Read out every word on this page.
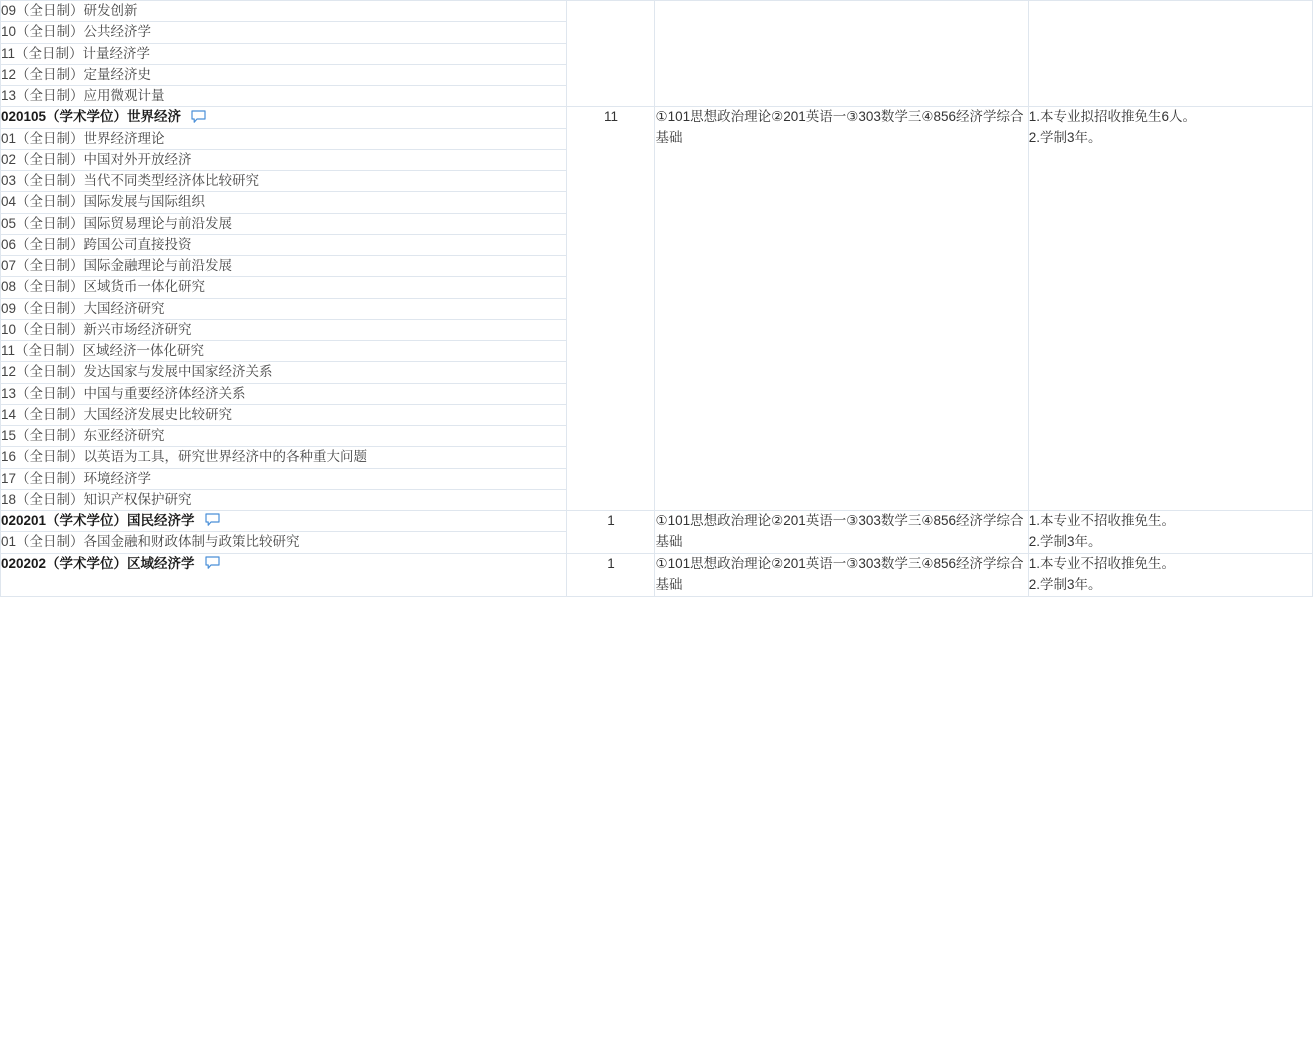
09（全日制）研发创新			
10（全日制）公共经济学			
11（全日制）计量经济学			
12（全日制）定量经济史			
13（全日制）应用微观计量			
020105（学术学位）世界经济	11	①101思想政治理论②201英语一③303数学三④856经济学综合基础	1.本专业拟招收推免生6人。
2.学制3年。

01（全日制）世界经济理论			
02（全日制）中国对外开放经济			
03（全日制）当代不同类型经济体比较研究			
04（全日制）国际发展与国际组织			
05（全日制）国际贸易理论与前沿发展			
06（全日制）跨国公司直接投资			
07（全日制）国际金融理论与前沿发展			
08（全日制）区域货币一体化研究			
09（全日制）大国经济研究			
10（全日制）新兴市场经济研究			
11（全日制）区域经济一体化研究			
12（全日制）发达国家与发展中国家经济关系			
13（全日制）中国与重要经济体经济关系			
14（全日制）大国经济发展史比较研究			
15（全日制）东亚经济研究			
16（全日制）以英语为工具，研究世界经济中的各种重大问题			
17（全日制）环境经济学			
18（全日制）知识产权保护研究			
020201（学术学位）国民经济学	1	①101思想政治理论②201英语一③303数学三④856经济学综合基础	1.本专业不招收推免生。
2.学制3年。

01（全日制）各国金融和财政体制与政策比较研究			
020202（学术学位）区域经济学	1	①101思想政治理论②201英语一③303数学三④856经济学综合基础	1.本专业不招收推免生。
2.学制3年。
